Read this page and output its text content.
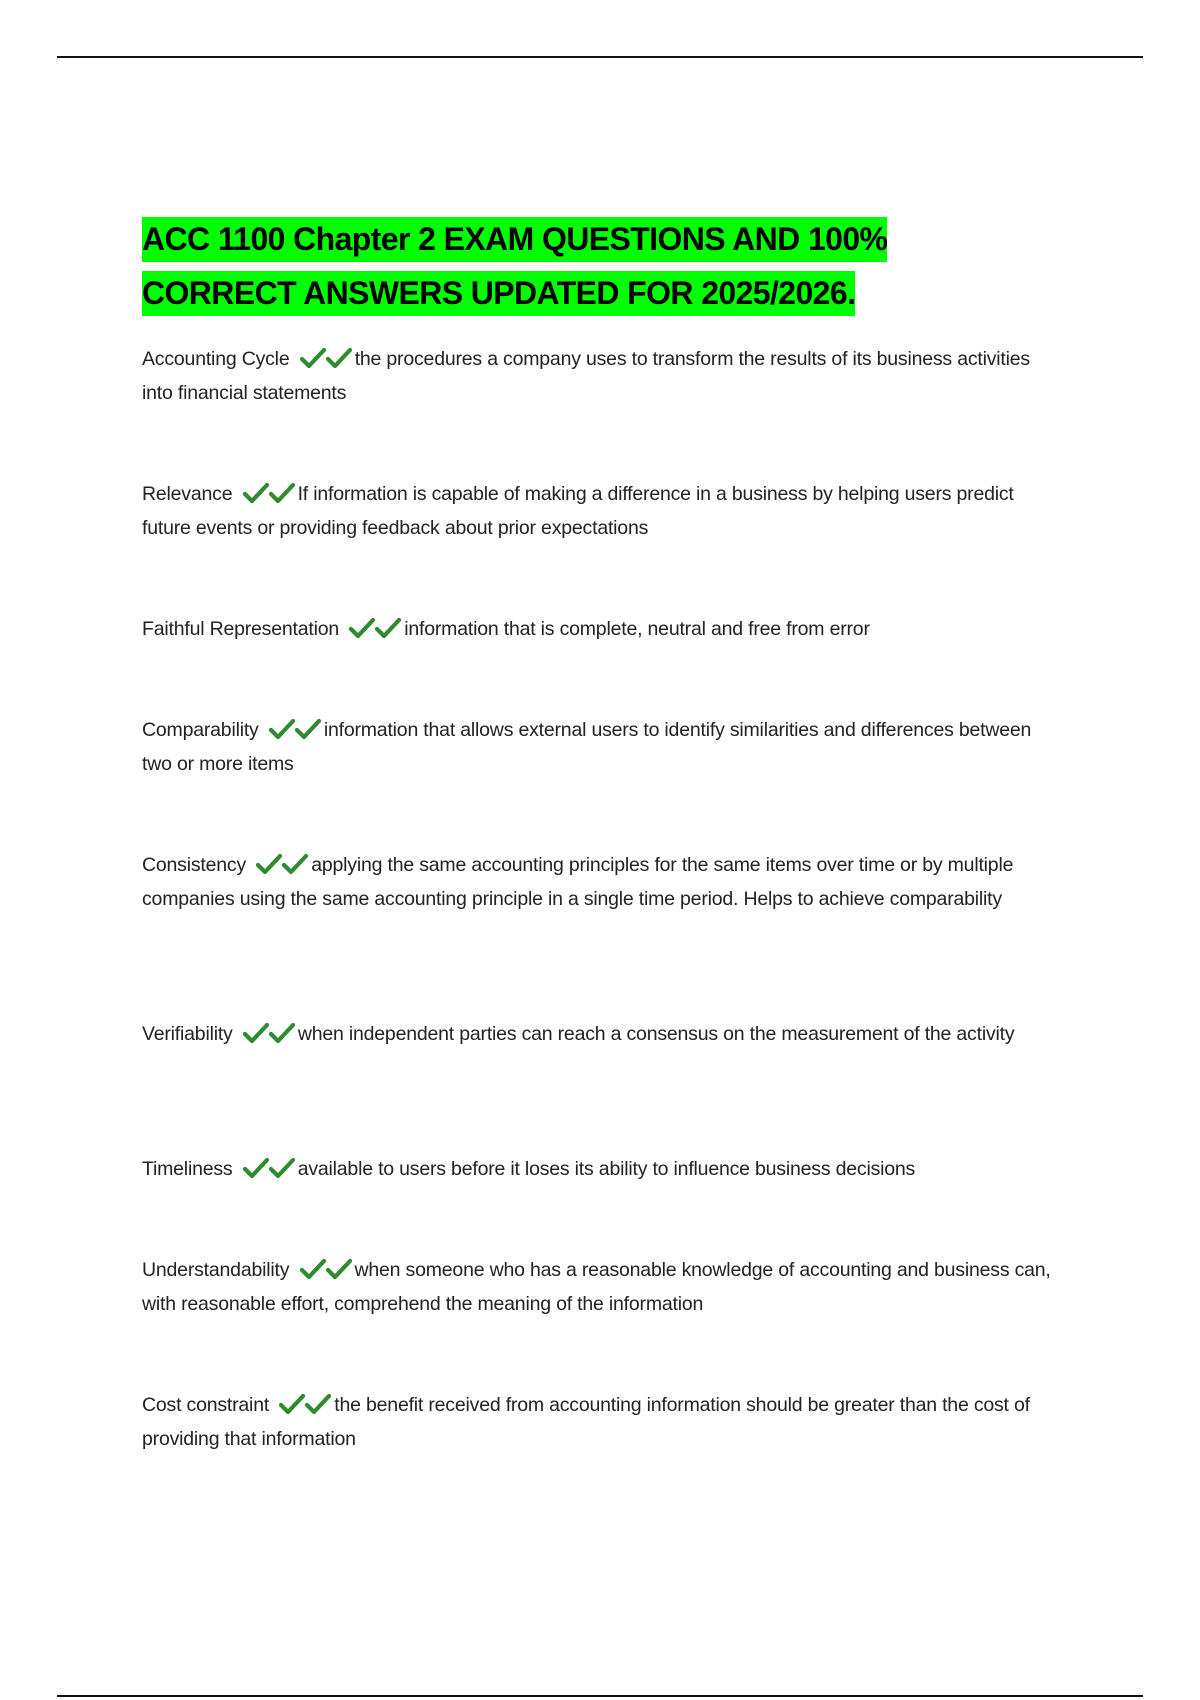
ACC 1100 Chapter 2 EXAM QUESTIONS AND 100%
CORRECT ANSWERS UPDATED FOR 2025/2026.
Accounting Cycle	the procedures a company uses to transform the results of its business activities into financial statements
Relevance	If information is capable of making a difference in a business by helping users predict future events or providing feedback about prior expectations
Faithful Representation	information that is complete, neutral and free from error
Comparability	information that allows external users to identify similarities and differences between two or more items
Consistency	applying the same accounting principles for the same items over time or by multiple companies using the same accounting principle in a single time period. Helps to achieve comparability
Verifiability	when independent parties can reach a consensus on the measurement of the activity
Timeliness	available to users before it loses its ability to influence business decisions
Understandability	when someone who has a reasonable knowledge of accounting and business can, with reasonable effort, comprehend the meaning of the information
Cost constraint	the benefit received from accounting information should be greater than the cost of providing that information
